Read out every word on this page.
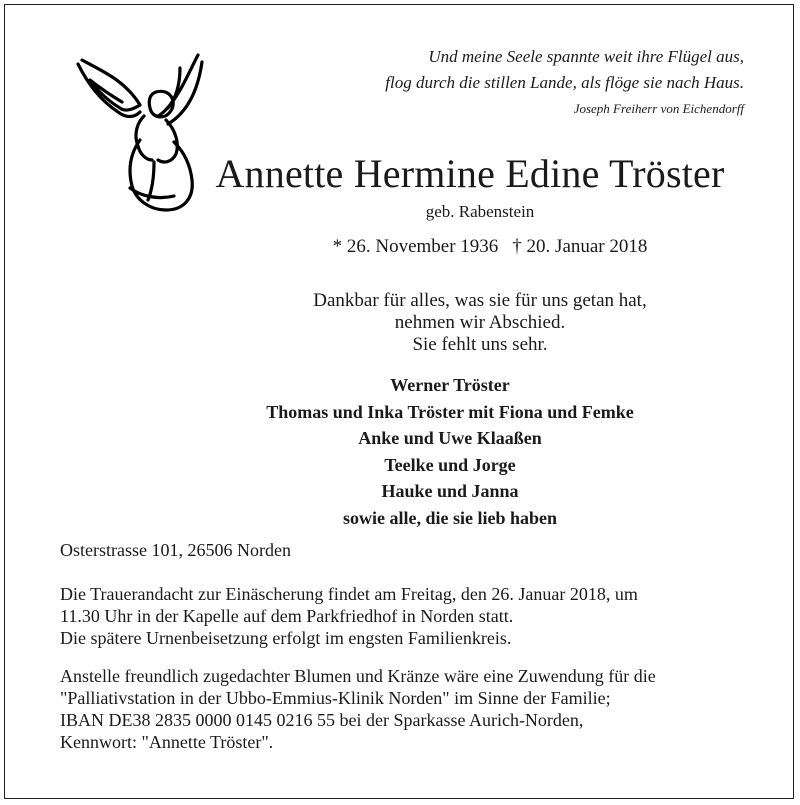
Und meine Seele spannte weit ihre Flügel aus,
flog durch die stillen Lande, als flöge sie nach Haus.
Joseph Freiherr von Eichendorff
Annette Hermine Edine Tröster
geb. Rabenstein
* 26. November 1936 † 20. Januar 2018
Dankbar für alles, was sie für uns getan hat,
nehmen wir Abschied.
Sie fehlt uns sehr.
Werner Tröster
Thomas und Inka Tröster mit Fiona und Femke
Anke und Uwe Klaaßen
Teelke und Jorge
Hauke und Janna
sowie alle, die sie lieb haben
Osterstrasse 101, 26506 Norden
Die Trauerandacht zur Einäscherung findet am Freitag, den 26. Januar 2018, um
11.30 Uhr in der Kapelle auf dem Parkfriedhof in Norden statt.
Die spätere Urnenbeisetzung erfolgt im engsten Familienkreis.
Anstelle freundlich zugedachter Blumen und Kränze wäre eine Zuwendung für die
"Palliativstation in der Ubbo-Emmius-Klinik Norden" im Sinne der Familie;
IBAN DE38 2835 0000 0145 0216 55 bei der Sparkasse Aurich-Norden,
Kennwort: "Annette Tröster".
